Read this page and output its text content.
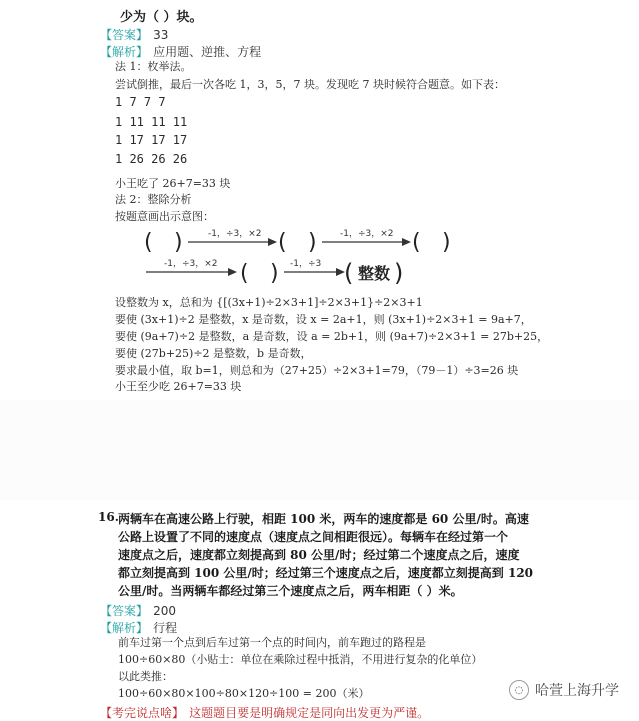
少为（ ）块。
【答案】 33
【解析】 应用题、逆推、方程
法 1：枚举法。
尝试倒推，最后一次各吃 1，3，5，7 块。发现吃 7 块时候符合题意。如下表：
1 7 7 7
1 11 11 11
1 17 17 17
1 26 26 26
小王吃了 26+7=33 块
法 2：整除分析
按题意画出示意图：
( )	-1，÷3，×2 ( )	-1，÷3，×2 ( )
-1，÷3，×2 ( ) -1，÷3 ( 整数 )
设整数为 x，总和为 {[(3x+1)÷2×3+1]÷2×3+1}÷2×3+1
要使 (3x+1)÷2 是整数，x 是奇数，设 x = 2a+1，则 (3x+1)÷2×3+1 = 9a+7，
要使 (9a+7)÷2 是整数，a 是奇数，设 a = 2b+1，则 (9a+7)÷2×3+1 = 27b+25，
要使 (27b+25)÷2 是整数，b 是奇数，
要求最小值，取 b=1，则总和为（27+25）÷2×3+1=79，（79－1）÷3=26 块
小王至少吃 26+7=33 块
16. 两辆车在高速公路上行驶，相距 100 米，两车的速度都是 60 公里/时。高速
公路上设置了不同的速度点（速度点之间相距很远）。每辆车在经过第一个
速度点之后，速度都立刻提高到 80 公里/时；经过第二个速度点之后，速度
都立刻提高到 100 公里/时；经过第三个速度点之后，速度都立刻提高到 120
公里/时。当两辆车都经过第三个速度点之后，两车相距（ ）米。
【答案】 200
【解析】 行程
前车过第一个点到后车过第一个点的时间内，前车跑过的路程是
100÷60×80（小贴士：单位在乘除过程中抵消，不用进行复杂的化单位）
以此类推：
100÷60×80×100÷80×120÷100 = 200（米）
【考完说点啥】 这题题目要是明确规定是同向出发更为严谨。
◌ 哈萱上海升学
